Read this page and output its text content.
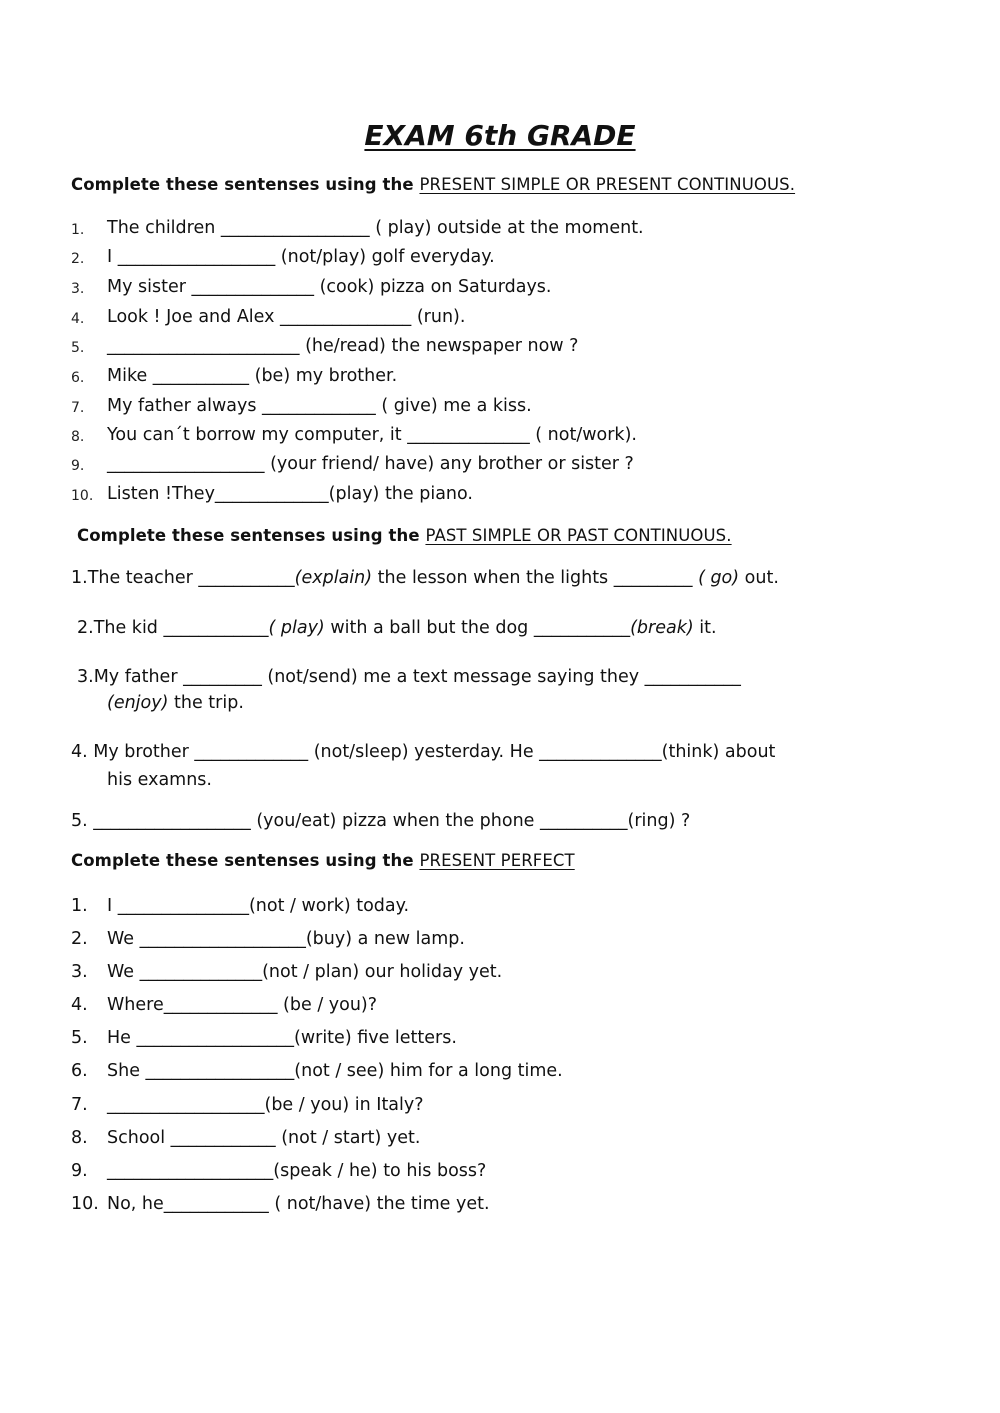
EXAM 6th GRADE
Complete these sentenses using the PRESENT SIMPLE OR PRESENT CONTINUOUS.
1.	The children _________________ ( play) outside at the moment.
2.	I __________________ (not/play) golf everyday.
3.	My sister ______________ (cook) pizza on Saturdays.
4.	Look ! Joe and Alex _______________ (run).
5.	______________________ (he/read) the newspaper now ?
6.	Mike ___________ (be) my brother.
7.	My father always _____________ ( give) me a kiss.
8.	You can´t borrow my computer, it ______________ ( not/work).
9.	__________________ (your friend/ have) any brother or sister ?
10. Listen !They_____________(play) the piano.
Complete these sentenses using the PAST SIMPLE OR PAST CONTINUOUS.
1.The teacher ___________(explain) the lesson when the lights _________ ( go) out.
2.The kid ____________( play) with a ball but the dog ___________(break) it.
3.My father _________ (not/send) me a text message saying they ___________
(enjoy) the trip.
4. My brother _____________ (not/sleep) yesterday. He ______________(think) about
his examns.
5. __________________ (you/eat) pizza when the phone __________(ring) ?
Complete these sentenses using the PRESENT PERFECT
1.	I _______________(not / work) today.
2.	We ___________________(buy) a new lamp.
3.	We ______________(not / plan) our holiday yet.
4.	Where_____________ (be / you)?
5.	He __________________(write) five letters.
6.	She _________________(not / see) him for a long time.
7.	__________________(be / you) in Italy?
8.	School ____________ (not / start) yet.
9.	___________________(speak / he) to his boss?
10. No, he____________ ( not/have) the time yet.
